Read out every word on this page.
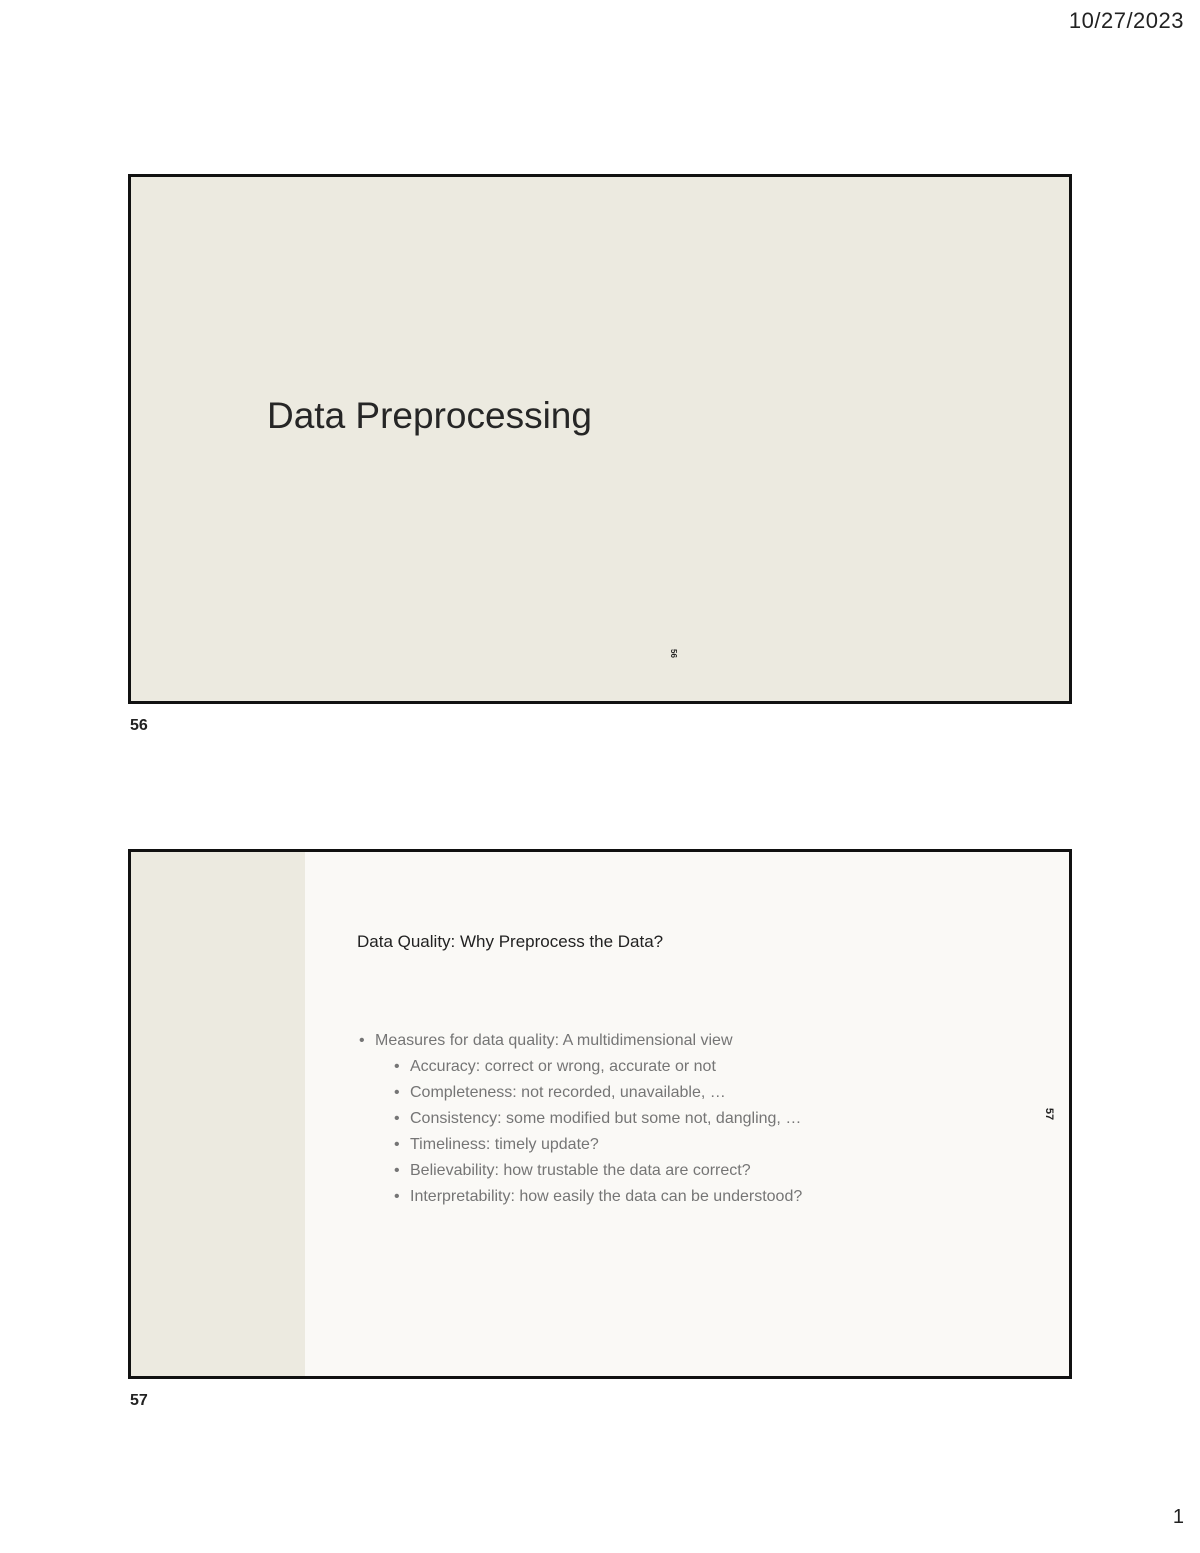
10/27/2023
Data Preprocessing
56
56
Data Quality: Why Preprocess the Data?
• Measures for data quality: A multidimensional view
• Accuracy: correct or wrong, accurate or not
• Completeness: not recorded, unavailable, …
• Consistency: some modified but some not, dangling, …
• Timeliness: timely update?
• Believability: how trustable the data are correct?
• Interpretability: how easily the data can be understood?
57
57
1
